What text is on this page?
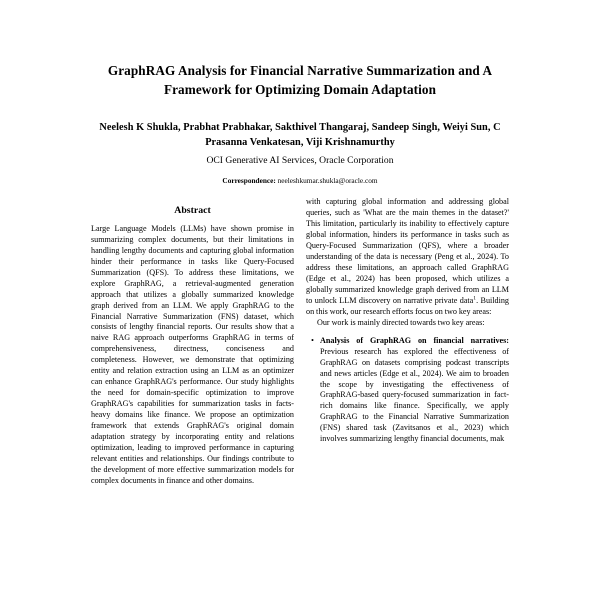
GraphRAG Analysis for Financial Narrative Summarization and A Framework for Optimizing Domain Adaptation
Neelesh K Shukla, Prabhat Prabhakar, Sakthivel Thangaraj, Sandeep Singh, Weiyi Sun, C Prasanna Venkatesan, Viji Krishnamurthy
OCI Generative AI Services, Oracle Corporation
Correspondence: neeleshkumar.shukla@oracle.com
Abstract

Large Language Models (LLMs) have shown promise in summarizing complex documents, but their limitations in handling lengthy documents and capturing global information hinder their performance in tasks like Query-Focused Summarization (QFS). To address these limitations, we explore GraphRAG, a retrieval-augmented generation approach that utilizes a globally summarized knowledge graph derived from an LLM. We apply GraphRAG to the Financial Narrative Summarization (FNS) dataset, which consists of lengthy financial reports. Our results show that a naive RAG approach outperforms GraphRAG in terms of comprehensiveness, directness, conciseness and completeness. However, we demonstrate that optimizing entity and relation extraction using an LLM as an optimizer can enhance GraphRAG's performance. Our study highlights the need for domain-specific optimization to improve GraphRAG's capabilities for summarization tasks in facts-heavy domains like finance. We propose an optimization framework that extends GraphRAG's original domain adaptation strategy by incorporating entity and relations optimization, leading to improved performance in capturing relevant entities and relationships. Our findings contribute to the development of more effective summarization models for complex documents in finance and other domains.

with capturing global information and addressing global queries, such as 'What are the main themes in the dataset?' This limitation, particularly its inability to effectively capture global information, hinders its performance in tasks such as Query-Focused Summarization (QFS), where a broader understanding of the data is necessary (Peng et al., 2024). To address these limitations, an approach called GraphRAG (Edge et al., 2024) has been proposed, which utilizes a globally summarized knowledge graph derived from an LLM to unlock LLM discovery on narrative private data$^1$. Building on this work, our research efforts focus on two key areas:

Our work is mainly directed towards two key areas:

• Analysis of GraphRAG on financial narratives: Previous research has explored the effectiveness of GraphRAG on datasets comprising podcast transcripts and news articles (Edge et al., 2024). We aim to broaden the scope by investigating the effectiveness of GraphRAG-based query-focused summarization in fact-rich domains like finance. Specifically, we apply GraphRAG to the Financial Narrative Summarization (FNS) shared task (Zavitsanos et al., 2023) which involves summarizing lengthy financial documents, mak
